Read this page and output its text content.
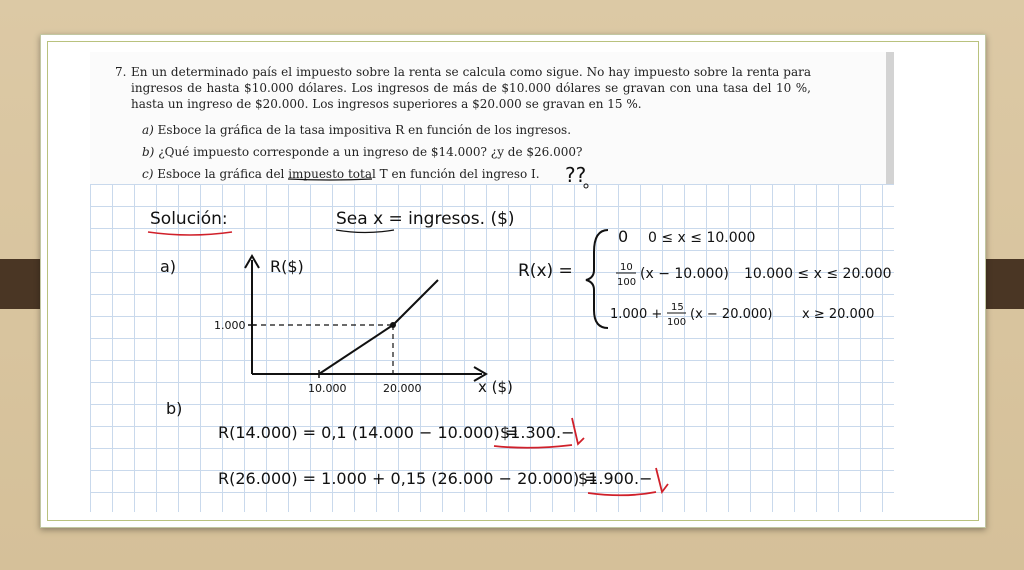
7. En un determinado país el impuesto sobre la renta se calcula como sigue. No hay impuesto sobre la renta para ingresos de hasta $10.000 dólares. Los ingresos de más de $10.000 dólares se gravan con una tasa del 10 %, hasta un ingreso de $20.000. Los ingresos superiores a $20.000 se gravan en 15 %.
a) Esboce la gráfica de la tasa impositiva R en función de los ingresos.
b) ¿Qué impuesto corresponde a un ingreso de $14.000? ¿y de $26.000?
c) Esboce la gráfica del impuesto total T en función del ingreso I. ??
Solución:	Sea x = ingresos. ($)
a)	R($)
x ($)
1.000
10.000	20.000
R(x) =
0 0 ≤ x ≤ 10.000
10
100
(x − 10.000) 10.000 ≤ x ≤ 20.000
1.000 + 15
100
(x − 20.000) x ≥ 20.000
b)
R(14.000) = 0,1 (14.000 − 10.000) =
$1.300.−
R(26.000) = 1.000 + 0,15 (26.000 − 20.000) =
$1.900.−
